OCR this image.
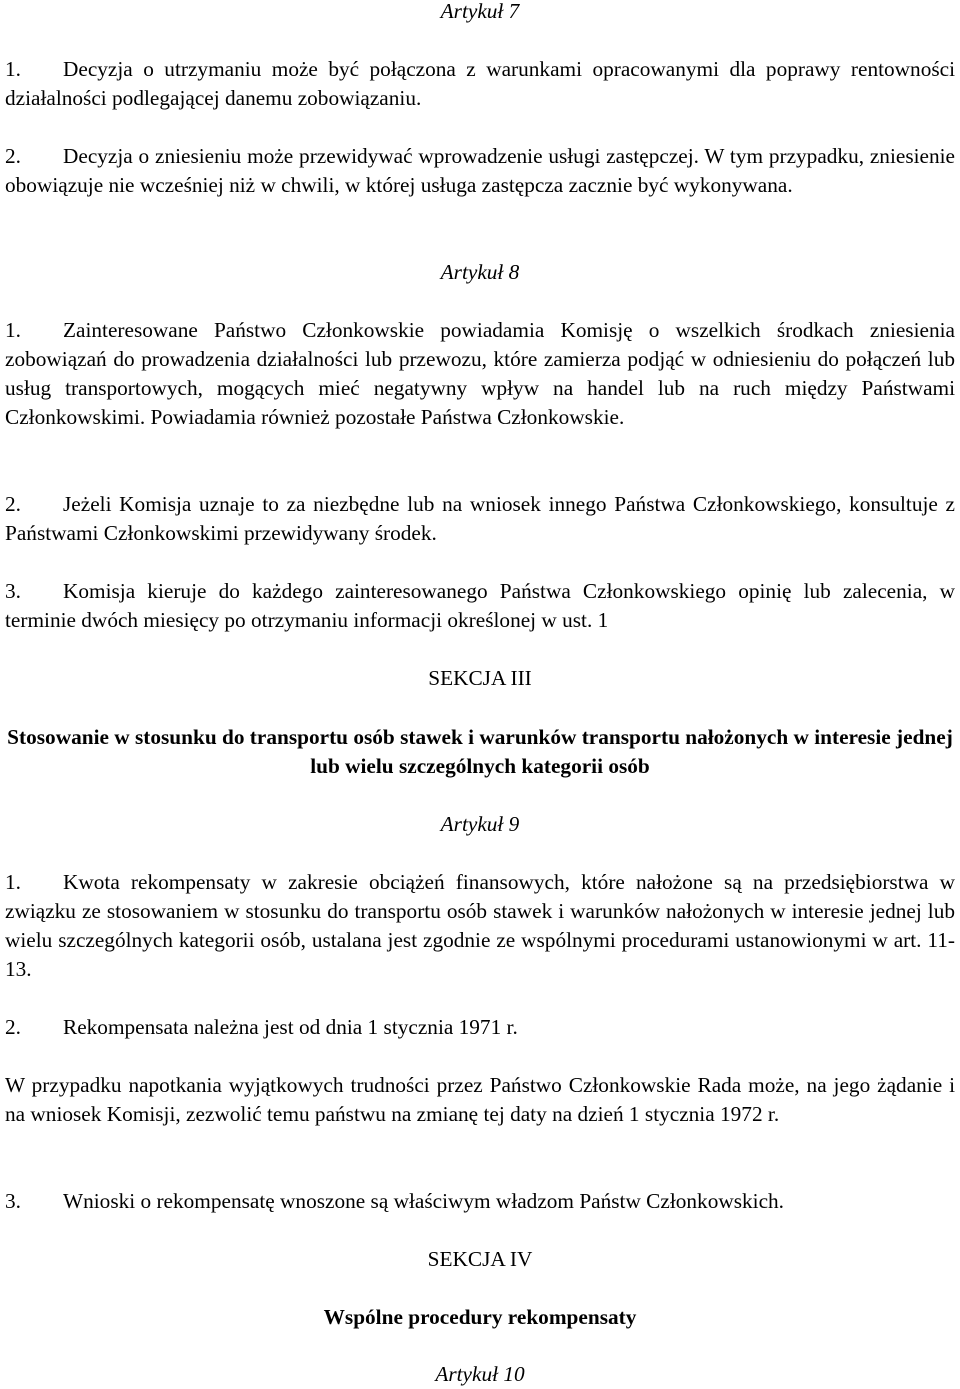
Artykuł 7
1. Decyzja o utrzymaniu może być połączona z warunkami opracowanymi dla poprawy rentowności działalności podlegającej danemu zobowiązaniu.
2. Decyzja o zniesieniu może przewidywać wprowadzenie usługi zastępczej. W tym przypadku, zniesienie obowiązuje nie wcześniej niż w chwili, w której usługa zastępcza zacznie być wykonywana.
Artykuł 8
1. Zainteresowane Państwo Członkowskie powiadamia Komisję o wszelkich środkach zniesienia zobowiązań do prowadzenia działalności lub przewozu, które zamierza podjąć w odniesieniu do połączeń lub usług transportowych, mogących mieć negatywny wpływ na handel lub na ruch między Państwami Członkowskimi. Powiadamia również pozostałe Państwa Członkowskie.
2. Jeżeli Komisja uznaje to za niezbędne lub na wniosek innego Państwa Członkowskiego, konsultuje z Państwami Członkowskimi przewidywany środek.
3. Komisja kieruje do każdego zainteresowanego Państwa Członkowskiego opinię lub zalecenia, w terminie dwóch miesięcy po otrzymaniu informacji określonej w ust. 1
SEKCJA III
Stosowanie w stosunku do transportu osób stawek i warunków transportu nałożonych w interesie jednej lub wielu szczególnych kategorii osób
Artykuł 9
1. Kwota rekompensaty w zakresie obciążeń finansowych, które nałożone są na przedsiębiorstwa w związku ze stosowaniem w stosunku do transportu osób stawek i warunków nałożonych w interesie jednej lub wielu szczególnych kategorii osób, ustalana jest zgodnie ze wspólnymi procedurami ustanowionymi w art. 11-13.
2. Rekompensata należna jest od dnia 1 stycznia 1971 r.
W przypadku napotkania wyjątkowych trudności przez Państwo Członkowskie Rada może, na jego żądanie i na wniosek Komisji, zezwolić temu państwu na zmianę tej daty na dzień 1 stycznia 1972 r.
3. Wnioski o rekompensatę wnoszone są właściwym władzom Państw Członkowskich.
SEKCJA IV
Wspólne procedury rekompensaty
Artykuł 10
